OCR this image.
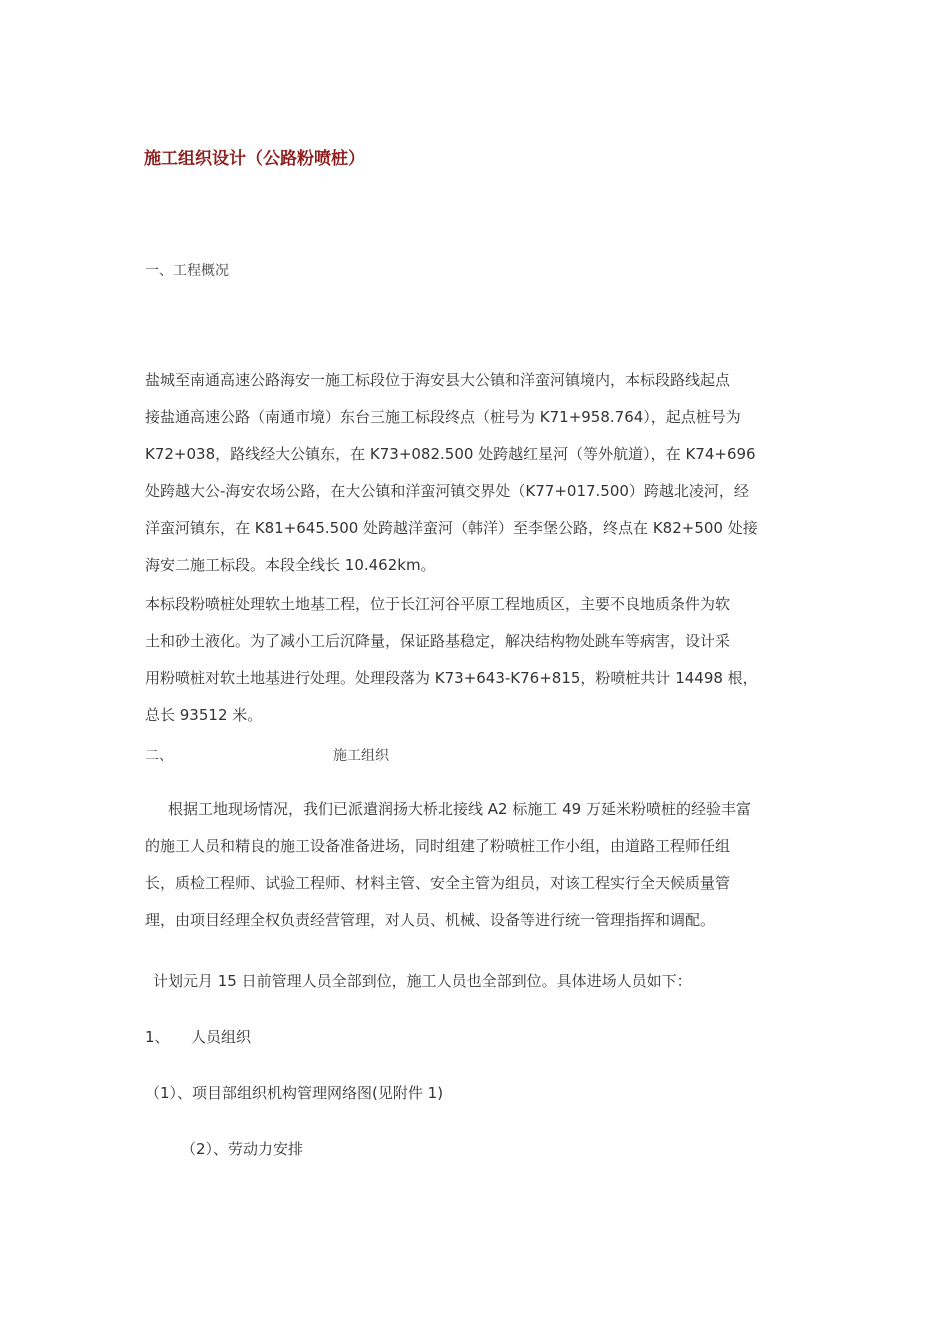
施工组织设计（公路粉喷桩）
一、工程概况
盐城至南通高速公路海安一施工标段位于海安县大公镇和洋蛮河镇境内，本标段路线起点
接盐通高速公路（南通市境）东台三施工标段终点（桩号为 K71+958.764），起点桩号为
K72+038，路线经大公镇东，在 K73+082.500 处跨越红星河（等外航道），在 K74+696
处跨越大公-海安农场公路，在大公镇和洋蛮河镇交界处（K77+017.500）跨越北凌河，经
洋蛮河镇东，在 K81+645.500 处跨越洋蛮河（韩洋）至李堡公路，终点在 K82+500 处接
海安二施工标段。本段全线长 10.462km。
本标段粉喷桩处理软土地基工程，位于长江河谷平原工程地质区，主要不良地质条件为软
土和砂土液化。为了减小工后沉降量，保证路基稳定，解决结构物处跳车等病害，设计采
用粉喷桩对软土地基进行处理。处理段落为 K73+643-K76+815，粉喷桩共计 14498 根，
总长 93512 米。
二、	施工组织
根据工地现场情况，我们已派遣润扬大桥北接线 A2 标施工 49 万延米粉喷桩的经验丰富
的施工人员和精良的施工设备准备进场，同时组建了粉喷桩工作小组，由道路工程师任组
长，质检工程师、试验工程师、材料主管、安全主管为组员，对该工程实行全天候质量管
理，由项目经理全权负责经营管理，对人员、机械、设备等进行统一管理指挥和调配。
计划元月 15 日前管理人员全部到位，施工人员也全部到位。具体进场人员如下：
1、 人员组织
（1）、项目部组织机构管理网络图(见附件 1)
（2）、劳动力安排
